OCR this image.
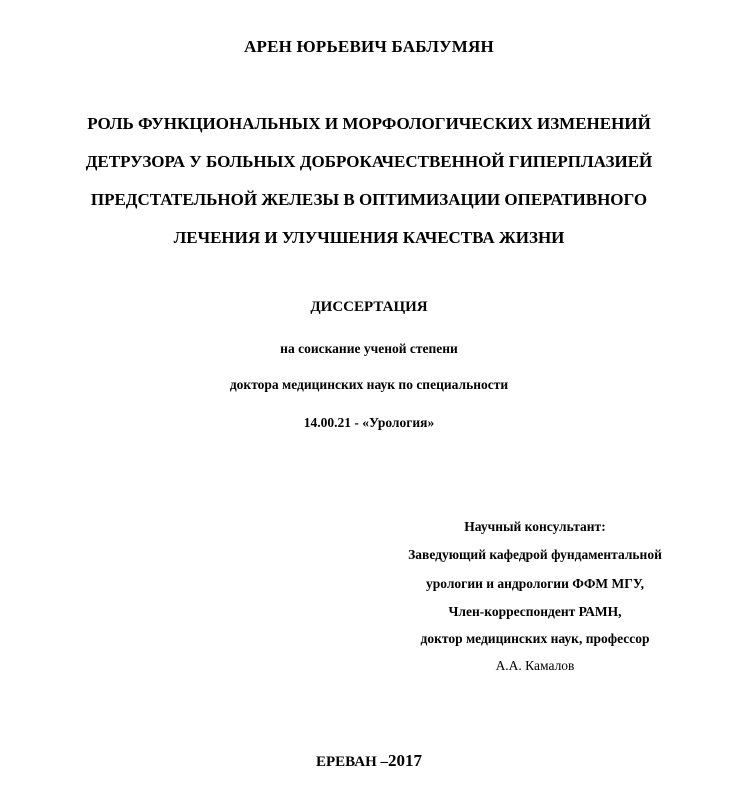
АРЕН ЮРЬЕВИЧ БАБЛУМЯН
РОЛЬ ФУНКЦИОНАЛЬНЫХ И МОРФОЛОГИЧЕСКИХ ИЗМЕНЕНИЙ
ДЕТРУЗОРА У БОЛЬНЫХ ДОБРОКАЧЕСТВЕННОЙ ГИПЕРПЛАЗИЕЙ
ПРЕДСТАТЕЛЬНОЙ ЖЕЛЕЗЫ В ОПТИМИЗАЦИИ ОПЕРАТИВНОГО
ЛЕЧЕНИЯ И УЛУЧШЕНИЯ КАЧЕСТВА ЖИЗНИ
ДИССЕРТАЦИЯ
на соискание ученой степени
доктора медицинских наук по специальности
14.00.21 - «Урология»
Научный консультант:
Заведующий кафедрой фундаментальной
урологии и андрологии ФФМ МГУ,
Член-корреспондент РАМН,
доктор медицинских наук, профессор
А.А. Камалов
ЕРЕВАН –2017
